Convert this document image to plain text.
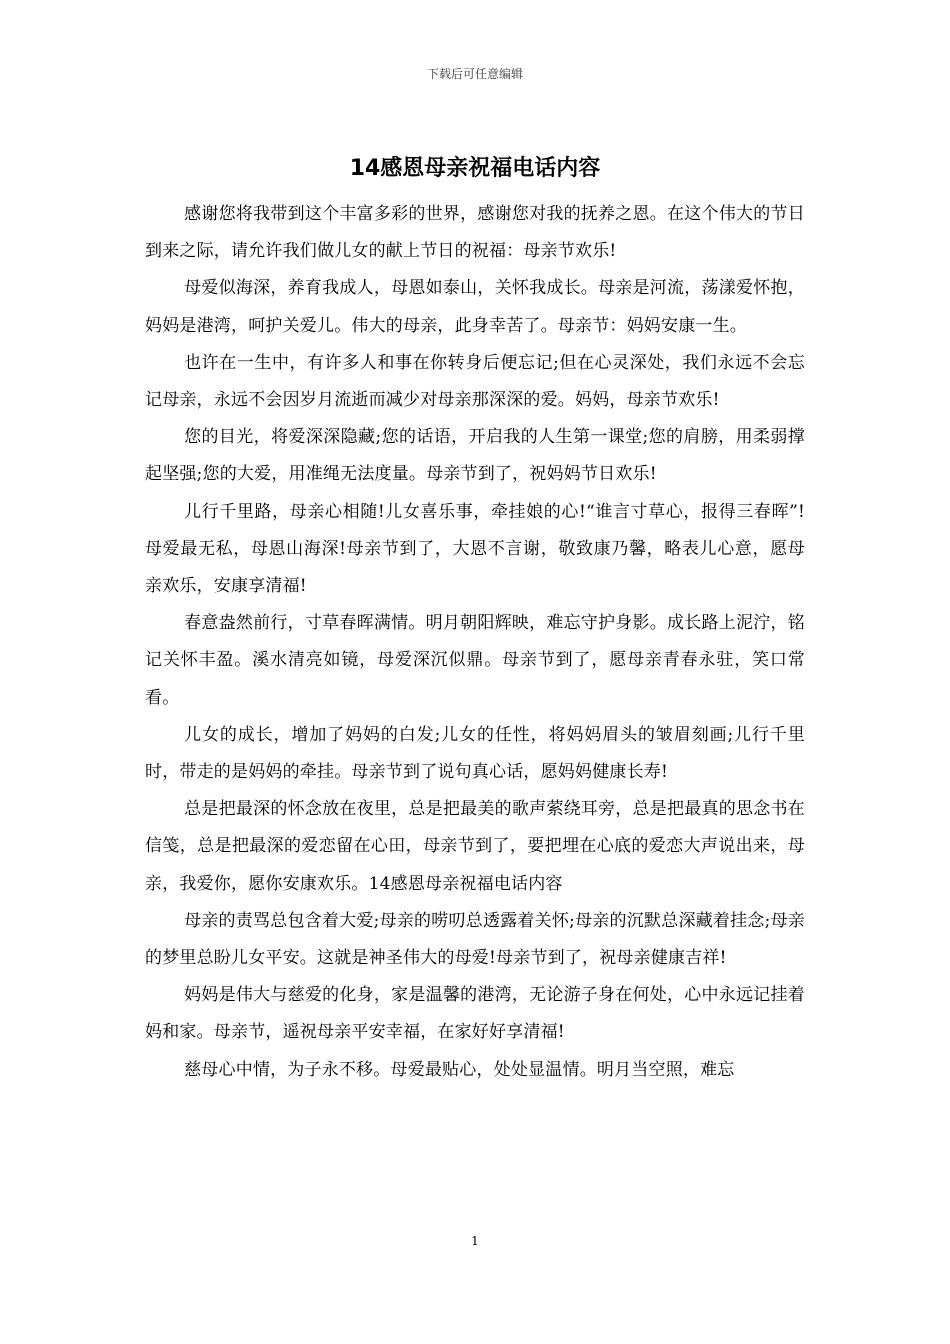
下载后可任意编辑
14感恩母亲祝福电话内容

感谢您将我带到这个丰富多彩的世界，感谢您对我的抚养之恩。在这个伟大的节日到来之际，请允许我们做儿女的献上节日的祝福：母亲节欢乐!

母爱似海深，养育我成人，母恩如泰山，关怀我成长。母亲是河流，荡漾爱怀抱，妈妈是港湾，呵护关爱儿。伟大的母亲，此身幸苦了。母亲节：妈妈安康一生。

也许在一生中，有许多人和事在你转身后便忘记;但在心灵深处，我们永远不会忘记母亲，永远不会因岁月流逝而减少对母亲那深深的爱。妈妈，母亲节欢乐!

您的目光，将爱深深隐藏;您的话语，开启我的人生第一课堂;您的肩膀，用柔弱撑起坚强;您的大爱，用准绳无法度量。母亲节到了，祝妈妈节日欢乐!

儿行千里路，母亲心相随!儿女喜乐事，牵挂娘的心!“谁言寸草心，报得三春晖”!母爱最无私，母恩山海深!母亲节到了，大恩不言谢，敬致康乃馨，略表儿心意，愿母亲欢乐，安康享清福!

春意盎然前行，寸草春晖满情。明月朝阳辉映，难忘守护身影。成长路上泥泞，铭记关怀丰盈。溪水清亮如镜，母爱深沉似鼎。母亲节到了，愿母亲青春永驻，笑口常看。

儿女的成长，增加了妈妈的白发;儿女的任性，将妈妈眉头的皱眉刻画;儿行千里时，带走的是妈妈的牵挂。母亲节到了说句真心话，愿妈妈健康长寿!

总是把最深的怀念放在夜里，总是把最美的歌声萦绕耳旁，总是把最真的思念书在信笺，总是把最深的爱恋留在心田，母亲节到了，要把埋在心底的爱恋大声说出来，母亲，我爱你，愿你安康欢乐。14感恩母亲祝福电话内容

母亲的责骂总包含着大爱;母亲的唠叨总透露着关怀;母亲的沉默总深藏着挂念;母亲的梦里总盼儿女平安。这就是神圣伟大的母爱!母亲节到了，祝母亲健康吉祥!

妈妈是伟大与慈爱的化身，家是温馨的港湾，无论游子身在何处，心中永远记挂着妈和家。母亲节，遥祝母亲平安幸福，在家好好享清福!

慈母心中情，为子永不移。母爱最贴心，处处显温情。明月当空照，难忘

1
